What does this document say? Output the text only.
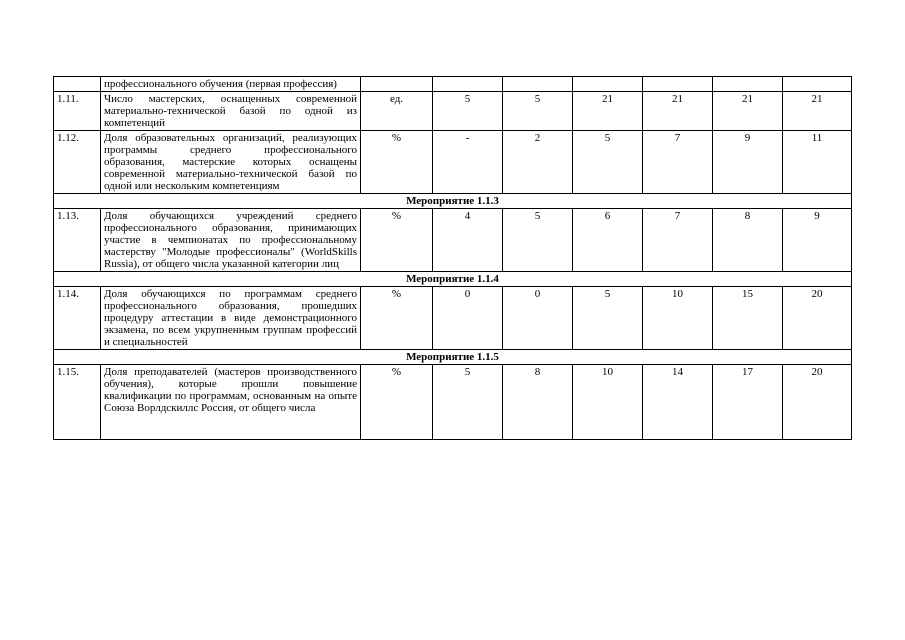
	профессионального обучения (первая профессия)							
1.11.	Число мастерских, оснащенных современной материально-технической базой по одной из компетенций	ед.	5	5	21	21	21	21
1.12.	Доля образовательных организаций, реализующих программы среднего профессионального образования, мастерские которых оснащены современной материально-технической базой по одной или нескольким компетенциям	%	-	2	5	7	9	11
Мероприятие 1.1.3								
1.13.	Доля обучающихся учреждений среднего профессионального образования, принимающих участие в чемпионатах по профессиональному мастерству "Молодые профессионалы" (WorldSkills Russia), от общего числа указанной категории лиц	%	4	5	6	7	8	9
Мероприятие 1.1.4								
1.14.	Доля обучающихся по программам среднего профессионального образования, прошедших процедуру аттестации в виде демонстрационного экзамена, по всем укрупненным группам профессий и специальностей	%	0	0	5	10	15	20
Мероприятие 1.1.5								
1.15.	Доля преподавателей (мастеров производственного обучения), которые прошли повышение квалификации по программам, основанным на опыте Союза Ворлдскиллс Россия, от общего числа	%	5	8	10	14	17	20
